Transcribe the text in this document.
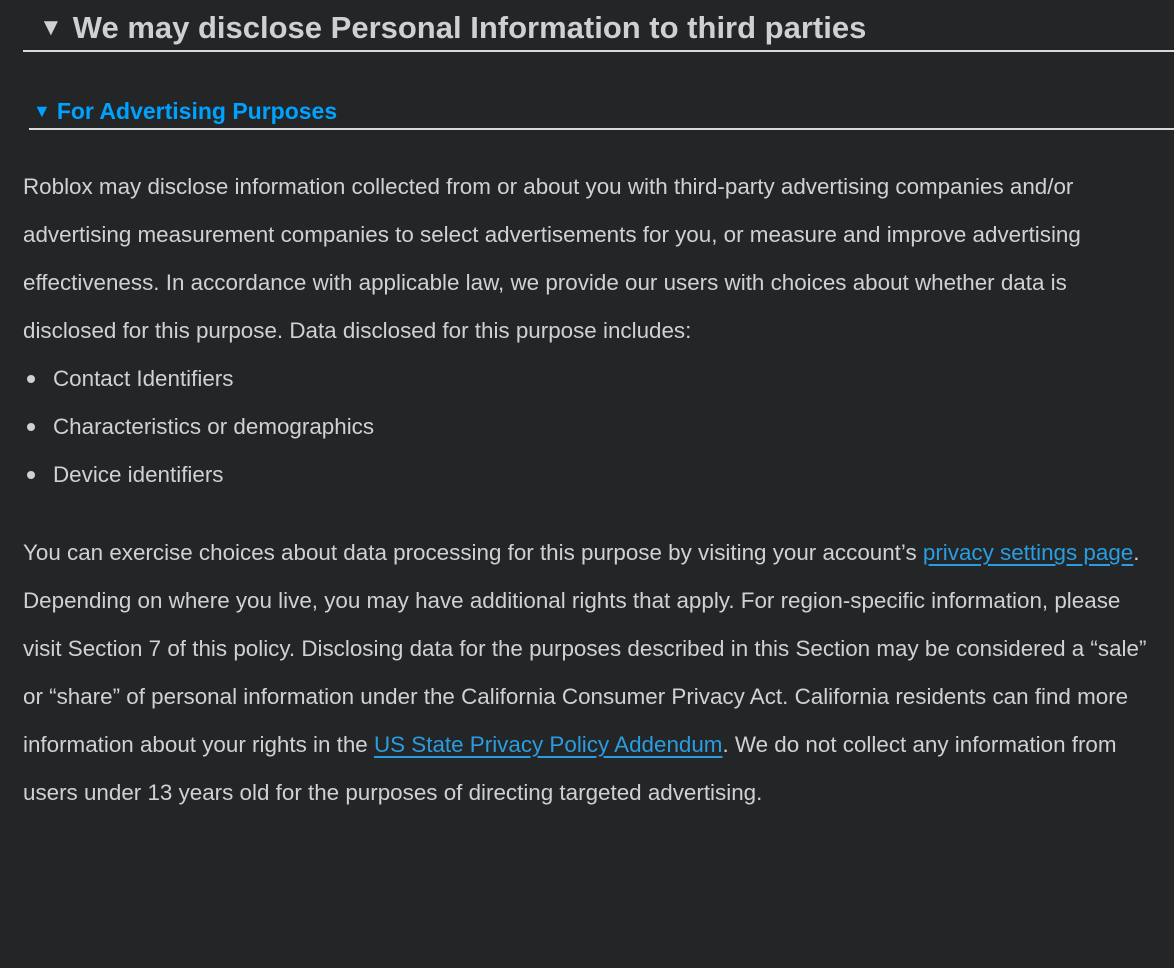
▼ We may disclose Personal Information to third parties
▼ For Advertising Purposes

Roblox may disclose information collected from or about you with third-party advertising companies and/or advertising measurement companies to select advertisements for you, or measure and improve advertising effectiveness. In accordance with applicable law, we provide our users with choices about whether data is disclosed for this purpose. Data disclosed for this purpose includes:

Contact Identifiers
Characteristics or demographics
Device identifiers

You can exercise choices about data processing for this purpose by visiting your account’s privacy settings page. Depending on where you live, you may have additional rights that apply. For region-specific information, please visit Section 7 of this policy. Disclosing data for the purposes described in this Section may be considered a “sale” or “share” of personal information under the California Consumer Privacy Act. California residents can find more information about your rights in the US State Privacy Policy Addendum. We do not collect any information from users under 13 years old for the purposes of directing targeted advertising.
